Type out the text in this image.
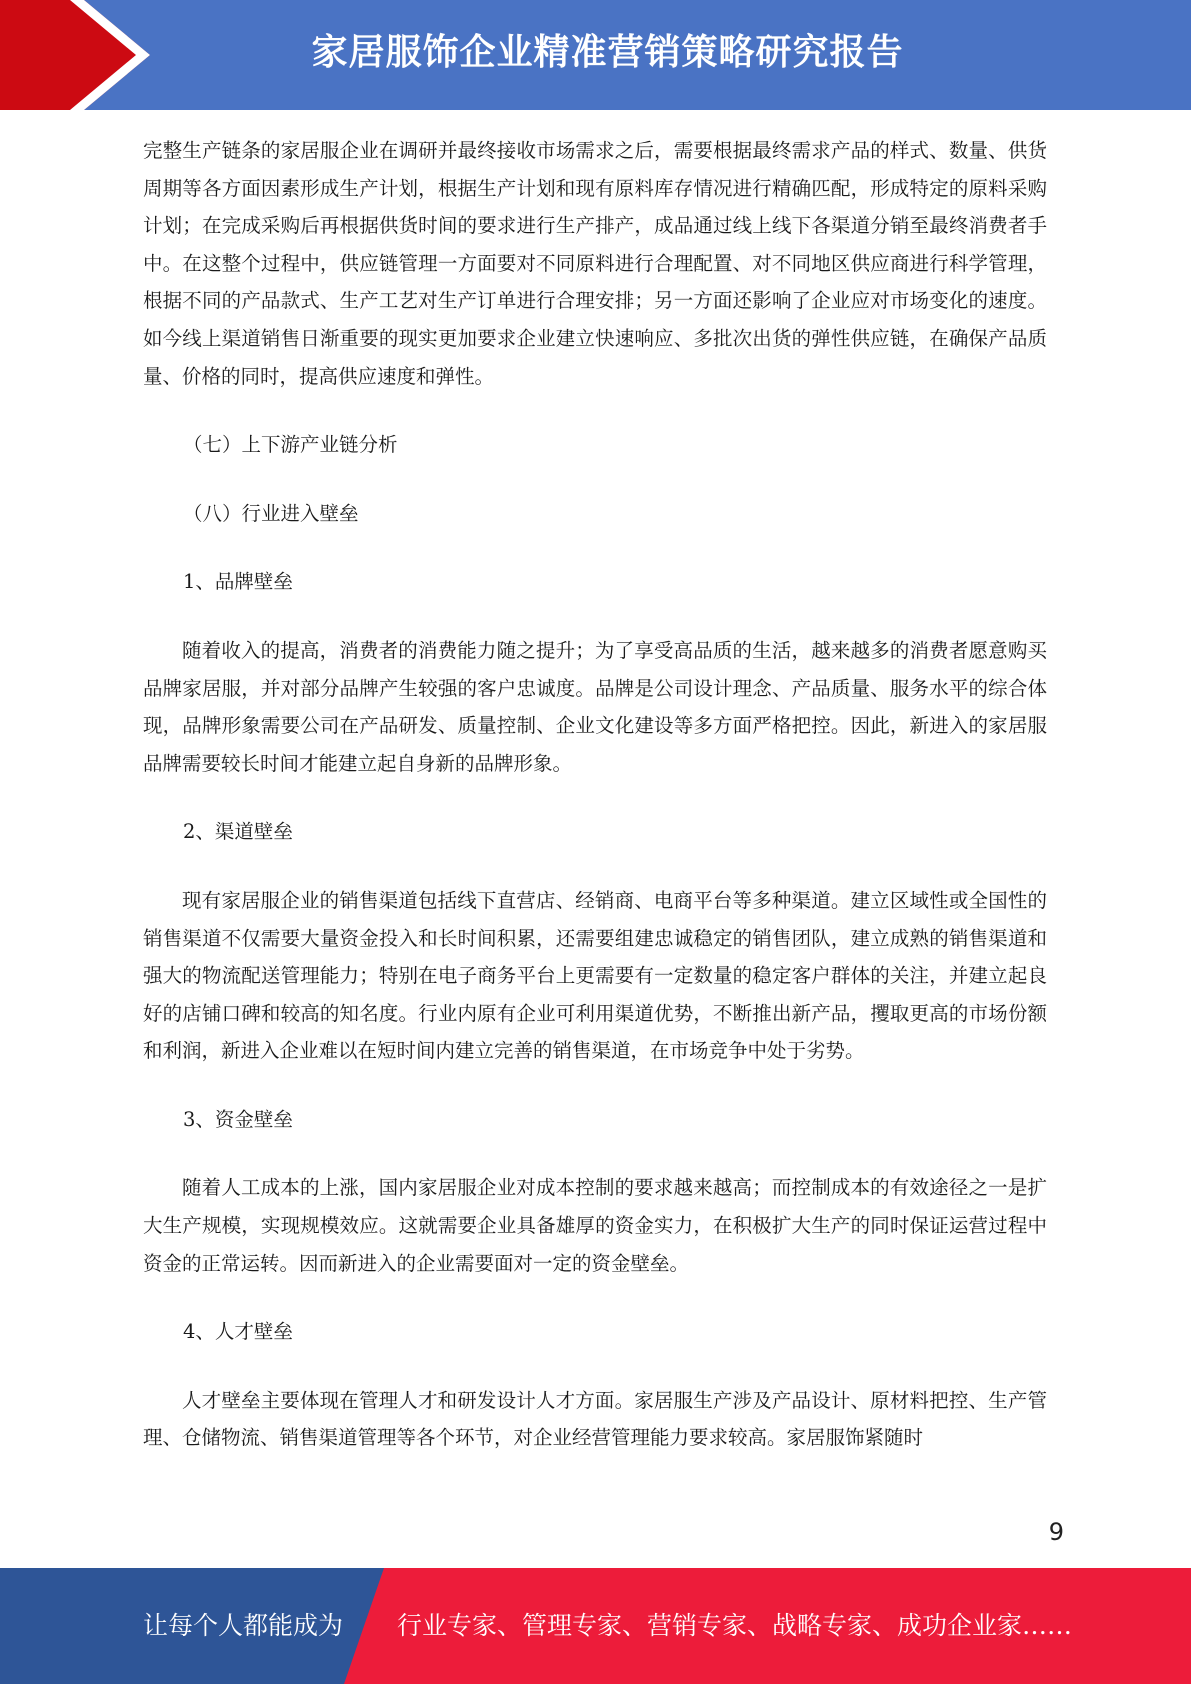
家居服饰企业精准营销策略研究报告

完整生产链条的家居服企业在调研并最终接收市场需求之后，需要根据最终需求产品的样式、数量、供货周期等各方面因素形成生产计划，根据生产计划和现有原料库存情况进行精确匹配，形成特定的原料采购计划；在完成采购后再根据供货时间的要求进行生产排产，成品通过线上线下各渠道分销至最终消费者手中。在这整个过程中，供应链管理一方面要对不同原料进行合理配置、对不同地区供应商进行科学管理，根据不同的产品款式、生产工艺对生产订单进行合理安排；另一方面还影响了企业应对市场变化的速度。如今线上渠道销售日渐重要的现实更加要求企业建立快速响应、多批次出货的弹性供应链，在确保产品质量、价格的同时，提高供应速度和弹性。

（七）上下游产业链分析

（八）行业进入壁垒

1、品牌壁垒

随着收入的提高，消费者的消费能力随之提升；为了享受高品质的生活，越来越多的消费者愿意购买品牌家居服，并对部分品牌产生较强的客户忠诚度。品牌是公司设计理念、产品质量、服务水平的综合体现，品牌形象需要公司在产品研发、质量控制、企业文化建设等多方面严格把控。因此，新进入的家居服品牌需要较长时间才能建立起自身新的品牌形象。

2、渠道壁垒

现有家居服企业的销售渠道包括线下直营店、经销商、电商平台等多种渠道。建立区域性或全国性的销售渠道不仅需要大量资金投入和长时间积累，还需要组建忠诚稳定的销售团队，建立成熟的销售渠道和强大的物流配送管理能力；特别在电子商务平台上更需要有一定数量的稳定客户群体的关注，并建立起良好的店铺口碑和较高的知名度。行业内原有企业可利用渠道优势，不断推出新产品，攫取更高的市场份额和利润，新进入企业难以在短时间内建立完善的销售渠道，在市场竞争中处于劣势。

3、资金壁垒

随着人工成本的上涨，国内家居服企业对成本控制的要求越来越高；而控制成本的有效途径之一是扩大生产规模，实现规模效应。这就需要企业具备雄厚的资金实力，在积极扩大生产的同时保证运营过程中资金的正常运转。因而新进入的企业需要面对一定的资金壁垒。

4、人才壁垒

人才壁垒主要体现在管理人才和研发设计人才方面。家居服生产涉及产品设计、原材料把控、生产管理、仓储物流、销售渠道管理等各个环节，对企业经营管理能力要求较高。家居服饰紧随时

9
让每个人都能成为 行业专家、管理专家、营销专家、战略专家、成功企业家……
